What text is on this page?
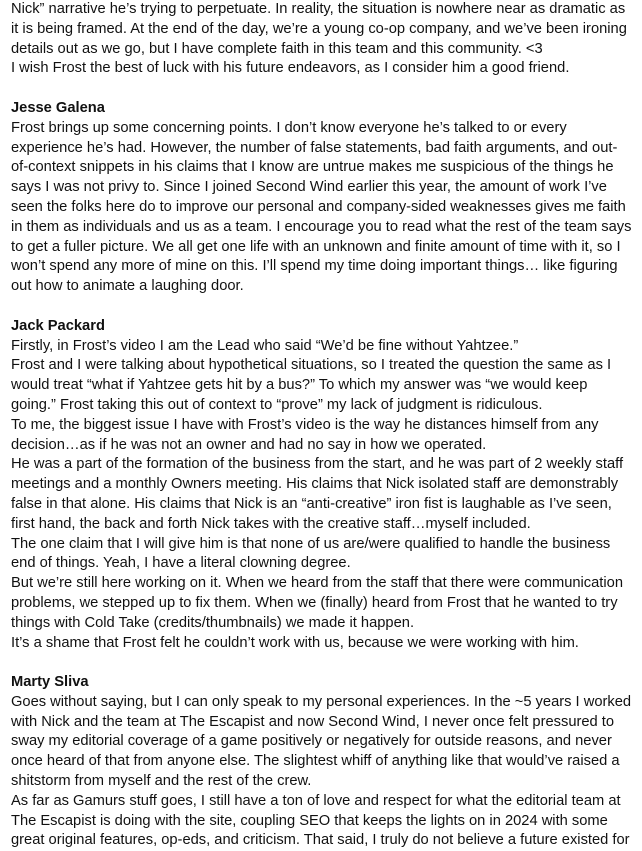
Nick” narrative he’s trying to perpetuate. In reality, the situation is nowhere near as dramatic as it is being framed. At the end of the day, we’re a young co-op company, and we’ve been ironing details out as we go, but I have complete faith in this team and this community. <3

I wish Frost the best of luck with his future endeavors, as I consider him a good friend.

Jesse Galena

Frost brings up some concerning points. I don’t know everyone he’s talked to or every experience he’s had. However, the number of false statements, bad faith arguments, and out-of-context snippets in his claims that I know are untrue makes me suspicious of the things he says I was not privy to. Since I joined Second Wind earlier this year, the amount of work I’ve seen the folks here do to improve our personal and company-sided weaknesses gives me faith in them as individuals and us as a team. I encourage you to read what the rest of the team says to get a fuller picture. We all get one life with an unknown and finite amount of time with it, so I won’t spend any more of mine on this. I’ll spend my time doing important things… like figuring out how to animate a laughing door.

Jack Packard

Firstly, in Frost’s video I am the Lead who said “We’d be fine without Yahtzee.”

Frost and I were talking about hypothetical situations, so I treated the question the same as I would treat “what if Yahtzee gets hit by a bus?” To which my answer was “we would keep going.” Frost taking this out of context to “prove” my lack of judgment is ridiculous.

To me, the biggest issue I have with Frost’s video is the way he distances himself from any decision…as if he was not an owner and had no say in how we operated.

He was a part of the formation of the business from the start, and he was part of 2 weekly staff meetings and a monthly Owners meeting. His claims that Nick isolated staff are demonstrably false in that alone. His claims that Nick is an “anti-creative” iron fist is laughable as I’ve seen, first hand, the back and forth Nick takes with the creative staff…myself included.

The one claim that I will give him is that none of us are/were qualified to handle the business end of things. Yeah, I have a literal clowning degree.

But we’re still here working on it. When we heard from the staff that there were communication problems, we stepped up to fix them. When we (finally) heard from Frost that he wanted to try things with Cold Take (credits/thumbnails) we made it happen.

It’s a shame that Frost felt he couldn’t work with us, because we were working with him.

Marty Sliva

Goes without saying, but I can only speak to my personal experiences. In the ~5 years I worked with Nick and the team at The Escapist and now Second Wind, I never once felt pressured to sway my editorial coverage of a game positively or negatively for outside reasons, and never once heard of that from anyone else. The slightest whiff of anything like that would’ve raised a shitstorm from myself and the rest of the crew.

As far as Gamurs stuff goes, I still have a ton of love and respect for what the editorial team at The Escapist is doing with the site, coupling SEO that keeps the lights on in 2024 with some great original features, op-eds, and criticism. That said, I truly do not believe a future existed for
